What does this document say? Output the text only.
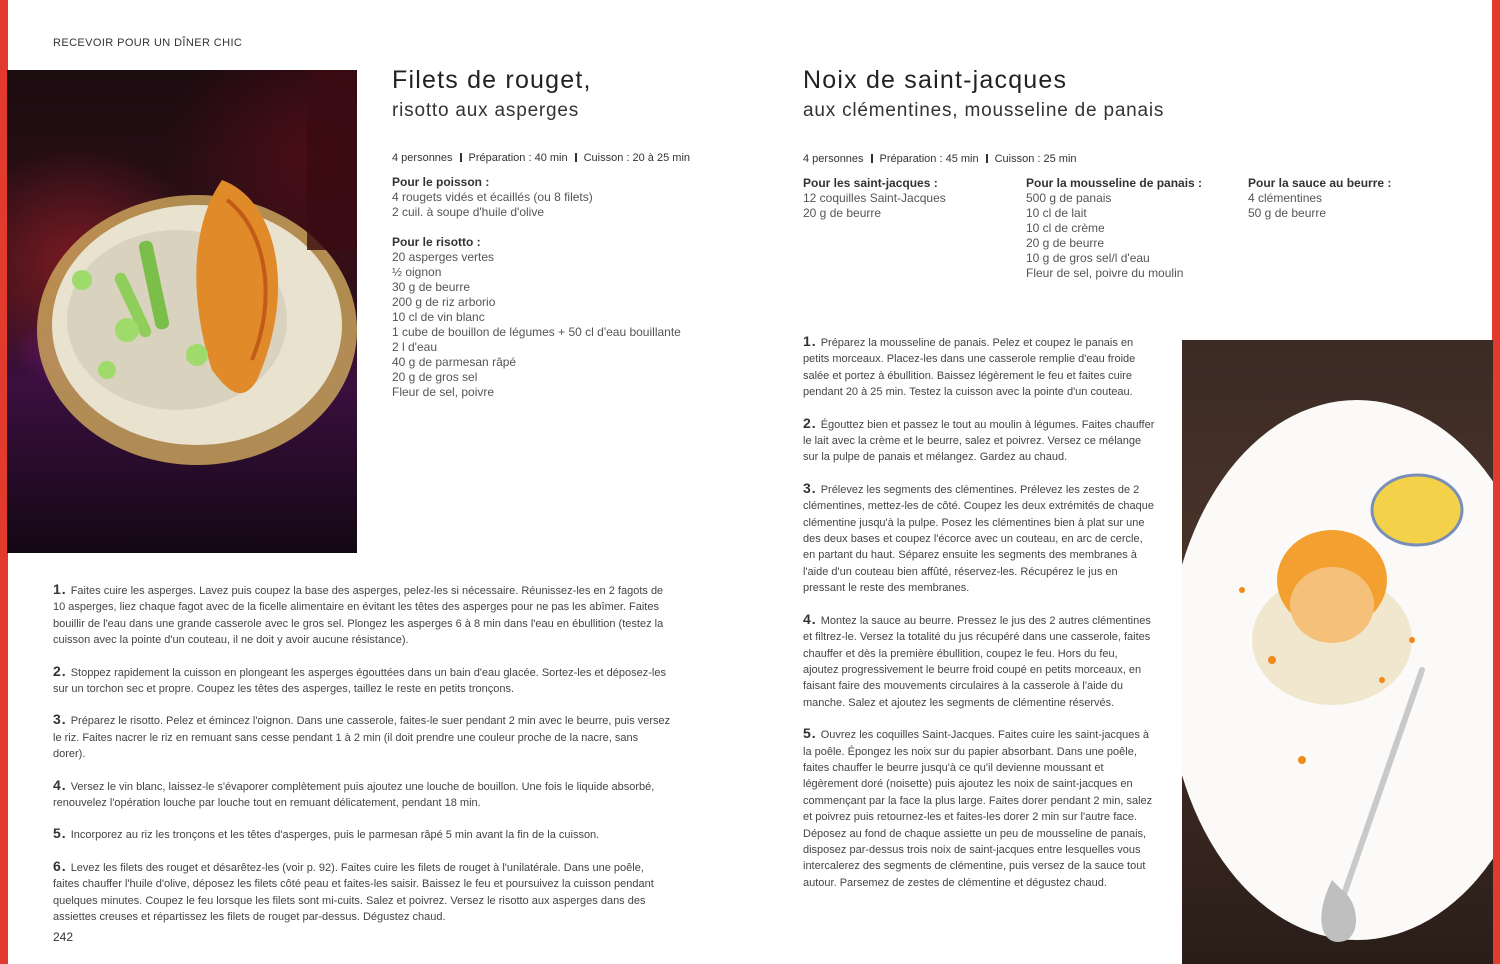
RECEVOIR POUR UN DÎNER CHIC
Filets de rouget,
risotto aux asperges
4 personnes Préparation : 40 min Cuisson : 20 à 25 min
Pour le poisson :
4 rougets vidés et écaillés (ou 8 filets)
2 cuil. à soupe d'huile d'olive
Pour le risotto :
20 asperges vertes
½ oignon
30 g de beurre
200 g de riz arborio
10 cl de vin blanc
1 cube de bouillon de légumes + 50 cl d'eau bouillante
2 l d'eau
40 g de parmesan râpé
20 g de gros sel
Fleur de sel, poivre

1. Faites cuire les asperges. Lavez puis coupez la base des asperges, pelez-les si nécessaire. Réunissez-les en 2 fagots de 10 asperges, liez chaque fagot avec de la ficelle alimentaire en évitant les têtes des asperges pour ne pas les abîmer. Faites bouillir de l'eau dans une grande casserole avec le gros sel. Plongez les asperges 6 à 8 min dans l'eau en ébullition (testez la cuisson avec la pointe d'un couteau, il ne doit y avoir aucune résistance).

2. Stoppez rapidement la cuisson en plongeant les asperges égouttées dans un bain d'eau glacée. Sortez-les et déposez-les sur un torchon sec et propre. Coupez les têtes des asperges, taillez le reste en petits tronçons.

3. Préparez le risotto. Pelez et émincez l'oignon. Dans une casserole, faites-le suer pendant 2 min avec le beurre, puis versez le riz. Faites nacrer le riz en remuant sans cesse pendant 1 à 2 min (il doit prendre une couleur proche de la nacre, sans dorer).

4. Versez le vin blanc, laissez-le s'évaporer complètement puis ajoutez une louche de bouillon. Une fois le liquide absorbé, renouvelez l'opération louche par louche tout en remuant délicatement, pendant 18 min.

5. Incorporez au riz les tronçons et les têtes d'asperges, puis le parmesan râpé 5 min avant la fin de la cuisson.

6. Levez les filets des rouget et désarêtez-les (voir p. 92). Faites cuire les filets de rouget à l'unilatérale. Dans une poêle, faites chauffer l'huile d'olive, déposez les filets côté peau et faites-les saisir. Baissez le feu et poursuivez la cuisson pendant quelques minutes. Coupez le feu lorsque les filets sont mi-cuits. Salez et poivrez. Versez le risotto aux asperges dans des assiettes creuses et répartissez les filets de rouget par-dessus. Dégustez chaud.

242
Noix de saint-jacques
aux clémentines, mousseline de panais
4 personnes Préparation : 45 min Cuisson : 25 min
Pour les saint-jacques :
12 coquilles Saint-Jacques
20 g de beurre
Pour la mousseline de panais :
500 g de panais
10 cl de lait
10 cl de crème
20 g de beurre
10 g de gros sel/l d'eau
Fleur de sel, poivre du moulin
Pour la sauce au beurre :
4 clémentines
50 g de beurre

1. Préparez la mousseline de panais. Pelez et coupez le panais en petits morceaux. Placez-les dans une casserole remplie d'eau froide salée et portez à ébullition. Baissez légèrement le feu et faites cuire pendant 20 à 25 min. Testez la cuisson avec la pointe d'un couteau.

2. Égouttez bien et passez le tout au moulin à légumes. Faites chauffer le lait avec la crème et le beurre, salez et poivrez. Versez ce mélange sur la pulpe de panais et mélangez. Gardez au chaud.

3. Prélevez les segments des clémentines. Prélevez les zestes de 2 clémentines, mettez-les de côté. Coupez les deux extrémités de chaque clémentine jusqu'à la pulpe. Posez les clémentines bien à plat sur une des deux bases et coupez l'écorce avec un couteau, en arc de cercle, en partant du haut. Séparez ensuite les segments des membranes à l'aide d'un couteau bien affûté, réservez-les. Récupérez le jus en pressant le reste des membranes.

4. Montez la sauce au beurre. Pressez le jus des 2 autres clémentines et filtrez-le. Versez la totalité du jus récupéré dans une casserole, faites chauffer et dès la première ébullition, coupez le feu. Hors du feu, ajoutez progressivement le beurre froid coupé en petits morceaux, en faisant faire des mouvements circulaires à la casserole à l'aide du manche. Salez et ajoutez les segments de clémentine réservés.

5. Ouvrez les coquilles Saint-Jacques. Faites cuire les saint-jacques à la poêle. Épongez les noix sur du papier absorbant. Dans une poêle, faites chauffer le beurre jusqu'à ce qu'il devienne moussant et légèrement doré (noisette) puis ajoutez les noix de saint-jacques en commençant par la face la plus large. Faites dorer pendant 2 min, salez et poivrez puis retournez-les et faites-les dorer 2 min sur l'autre face. Déposez au fond de chaque assiette un peu de mousseline de panais, disposez par-dessus trois noix de saint-jacques entre lesquelles vous intercalerez des segments de clémentine, puis versez de la sauce tout autour. Parsemez de zestes de clémentine et dégustez chaud.
